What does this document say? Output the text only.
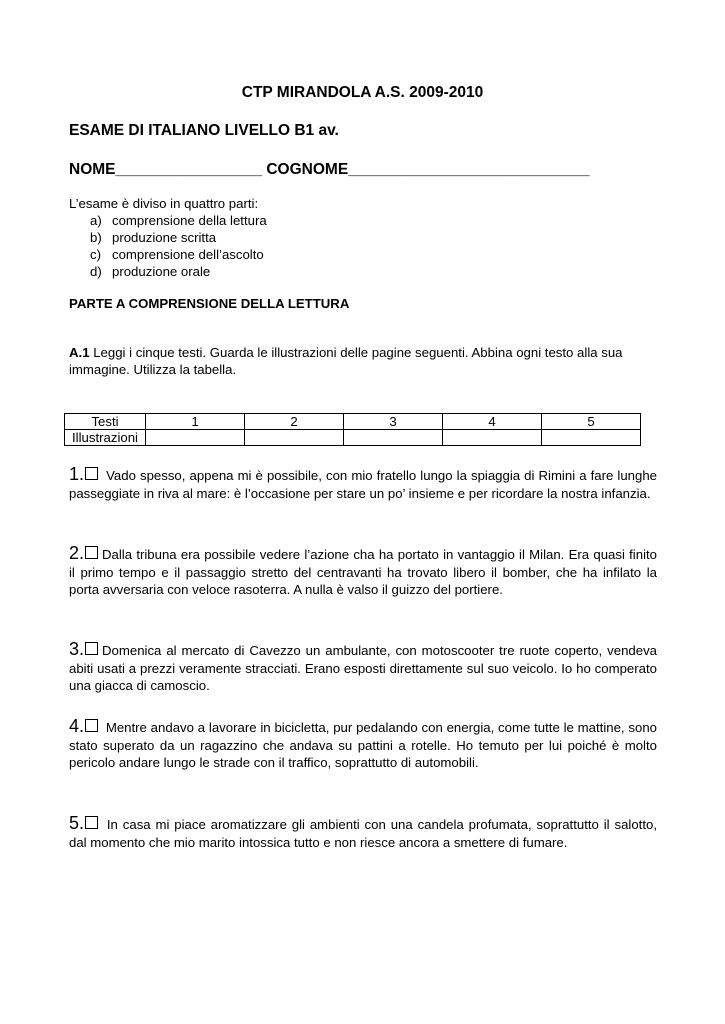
CTP MIRANDOLA A.S. 2009-2010
ESAME DI ITALIANO LIVELLO B1 av.
NOME_________________ COGNOME____________________________
L’esame è diviso in quattro parti:
a) comprensione della lettura
b) produzione scritta
c) comprensione dell’ascolto
d) produzione orale
PARTE A COMPRENSIONE DELLA LETTURA
A.1 Leggi i cinque testi. Guarda le illustrazioni delle pagine seguenti. Abbina ogni testo alla sua immagine. Utilizza la tabella.
Testi	1	2	3	4	5
Illustrazioni					
1. Vado spesso, appena mi è possibile, con mio fratello lungo la spiaggia di Rimini a fare lunghe passeggiate in riva al mare: è l’occasione per stare un po’ insieme e per ricordare la nostra infanzia.
2. Dalla tribuna era possibile vedere l’azione cha ha portato in vantaggio il Milan. Era quasi finito il primo tempo e il passaggio stretto del centravanti ha trovato libero il bomber, che ha infilato la porta avversaria con veloce rasoterra. A nulla è valso il guizzo del portiere.
3. Domenica al mercato di Cavezzo un ambulante, con motoscooter tre ruote coperto, vendeva abiti usati a prezzi veramente stracciati. Erano esposti direttamente sul suo veicolo. Io ho comperato una giacca di camoscio.
4. Mentre andavo a lavorare in bicicletta, pur pedalando con energia, come tutte le mattine, sono stato superato da un ragazzino che andava su pattini a rotelle. Ho temuto per lui poiché è molto pericolo andare lungo le strade con il traffico, soprattutto di automobili.
5. In casa mi piace aromatizzare gli ambienti con una candela profumata, soprattutto il salotto, dal momento che mio marito intossica tutto e non riesce ancora a smettere di fumare.
